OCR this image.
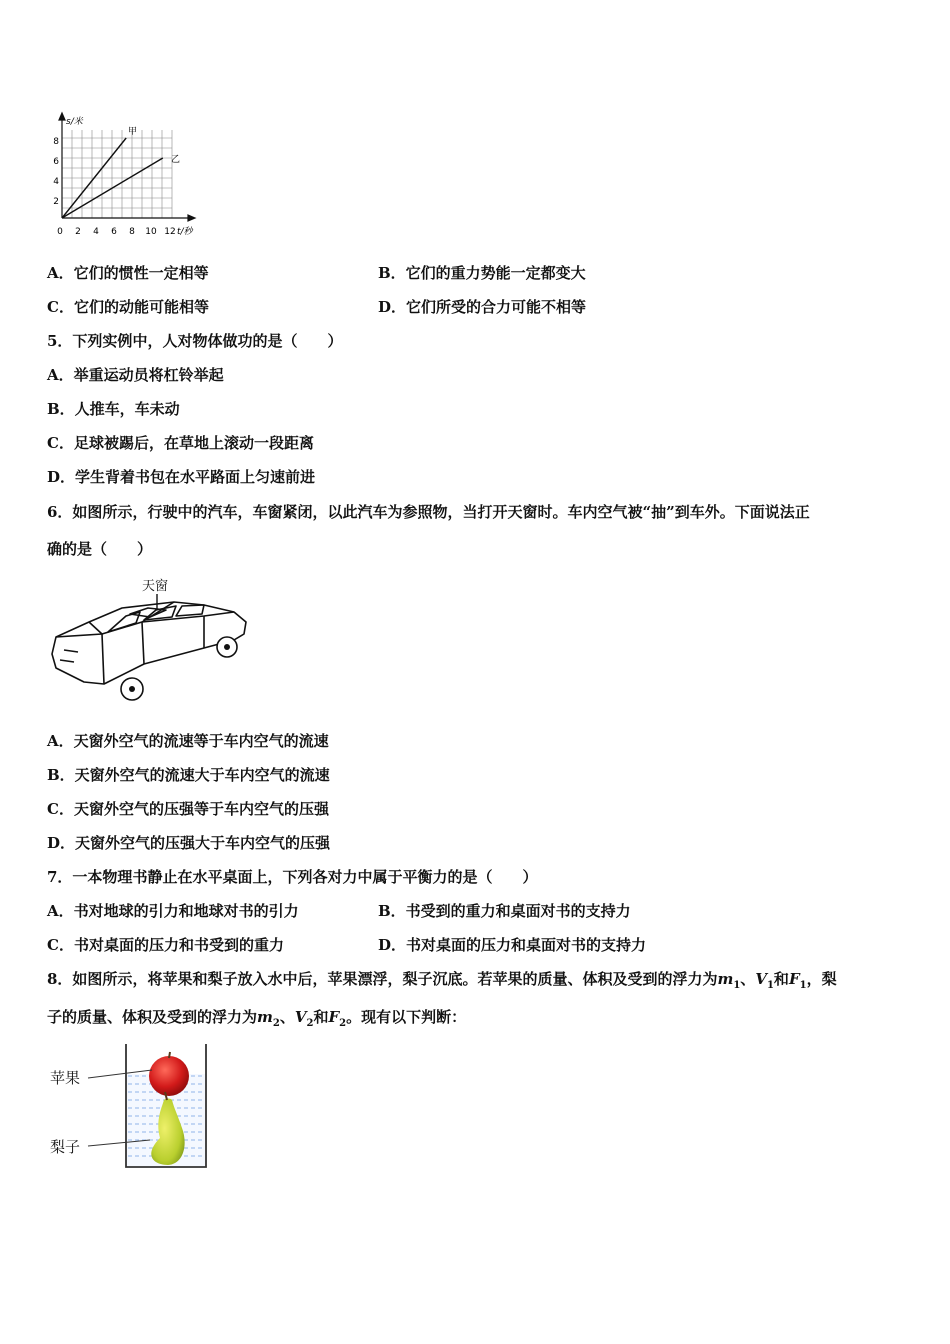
s/米
t/秒
甲
乙
8
6
4
2
0 2 4 6 8 10 12
A．它们的惯性一定相等	B．它们的重力势能一定都变大
C．它们的动能可能相等	D．它们所受的合力可能不相等
5．下列实例中，人对物体做功的是（　　）
A．举重运动员将杠铃举起
B．人推车，车未动
C．足球被踢后，在草地上滚动一段距离
D．学生背着书包在水平路面上匀速前进
6．如图所示，行驶中的汽车，车窗紧闭，以此汽车为参照物，当打开天窗时。车内空气被“抽”到车外。下面说法正
确的是（　　）
天窗
A．天窗外空气的流速等于车内空气的流速
B．天窗外空气的流速大于车内空气的流速
C．天窗外空气的压强等于车内空气的压强
D．天窗外空气的压强大于车内空气的压强
7．一本物理书静止在水平桌面上，下列各对力中属于平衡力的是（　　）
A．书对地球的引力和地球对书的引力	B．书受到的重力和桌面对书的支持力
C．书对桌面的压力和书受到的重力	D．书对桌面的压力和桌面对书的支持力
8．如图所示，将苹果和梨子放入水中后，苹果漂浮，梨子沉底。若苹果的质量、体积及受到的浮力为$m_1$、$V_1$和$F_1$，梨
子的质量、体积及受到的浮力为$m_2$、$V_2$和$F_2$。现有以下判断：
苹果
梨子
